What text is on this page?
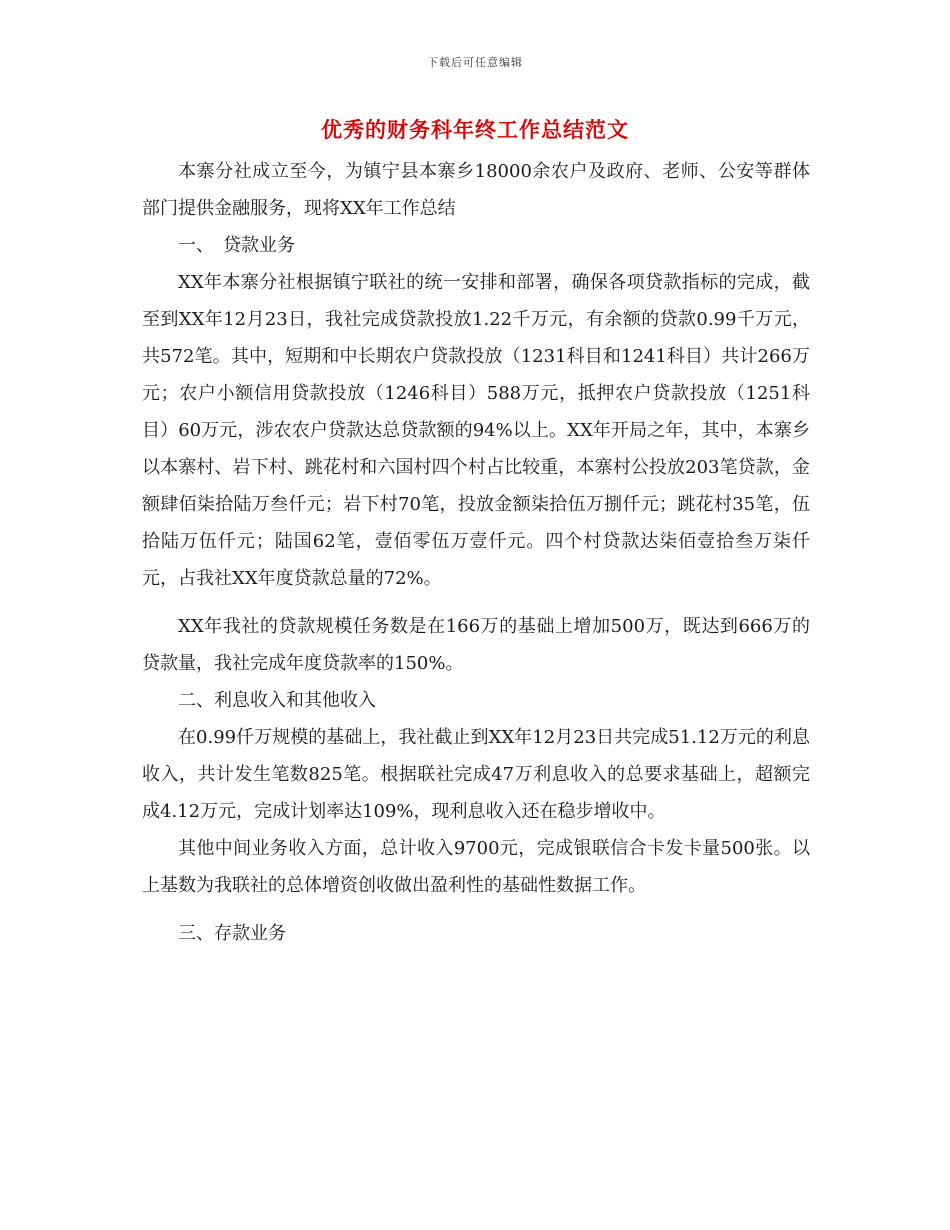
下载后可任意编辑
优秀的财务科年终工作总结范文

本寨分社成立至今，为镇宁县本寨乡18000余农户及政府、老师、公安等群体部门提供金融服务，现将XX年工作总结

一、　贷款业务

XX年本寨分社根据镇宁联社的统一安排和部署，确保各项贷款指标的完成，截至到XX年12月23日，我社完成贷款投放1.22千万元，有余额的贷款0.99千万元，共572笔。其中，短期和中长期农户贷款投放（1231科目和1241科目）共计266万元；农户小额信用贷款投放（1246科目）588万元，抵押农户贷款投放（1251科目）60万元，涉农农户贷款达总贷款额的94%以上。XX年开局之年，其中，本寨乡以本寨村、岩下村、跳花村和六国村四个村占比较重，本寨村公投放203笔贷款，金额肆佰柒拾陆万叁仟元；岩下村70笔，投放金额柒拾伍万捌仟元；跳花村35笔，伍拾陆万伍仟元；陆国62笔，壹佰零伍万壹仟元。四个村贷款达柒佰壹拾叁万柒仟元，占我社XX年度贷款总量的72%。

XX年我社的贷款规模任务数是在166万的基础上增加500万，既达到666万的贷款量，我社完成年度贷款率的150%。

二、利息收入和其他收入

在0.99仟万规模的基础上，我社截止到XX年12月23日共完成51.12万元的利息收入，共计发生笔数825笔。根据联社完成47万利息收入的总要求基础上，超额完成4.12万元，完成计划率达109%，现利息收入还在稳步增收中。

其他中间业务收入方面，总计收入9700元，完成银联信合卡发卡量500张。以上基数为我联社的总体增资创收做出盈利性的基础性数据工作。

三、存款业务
